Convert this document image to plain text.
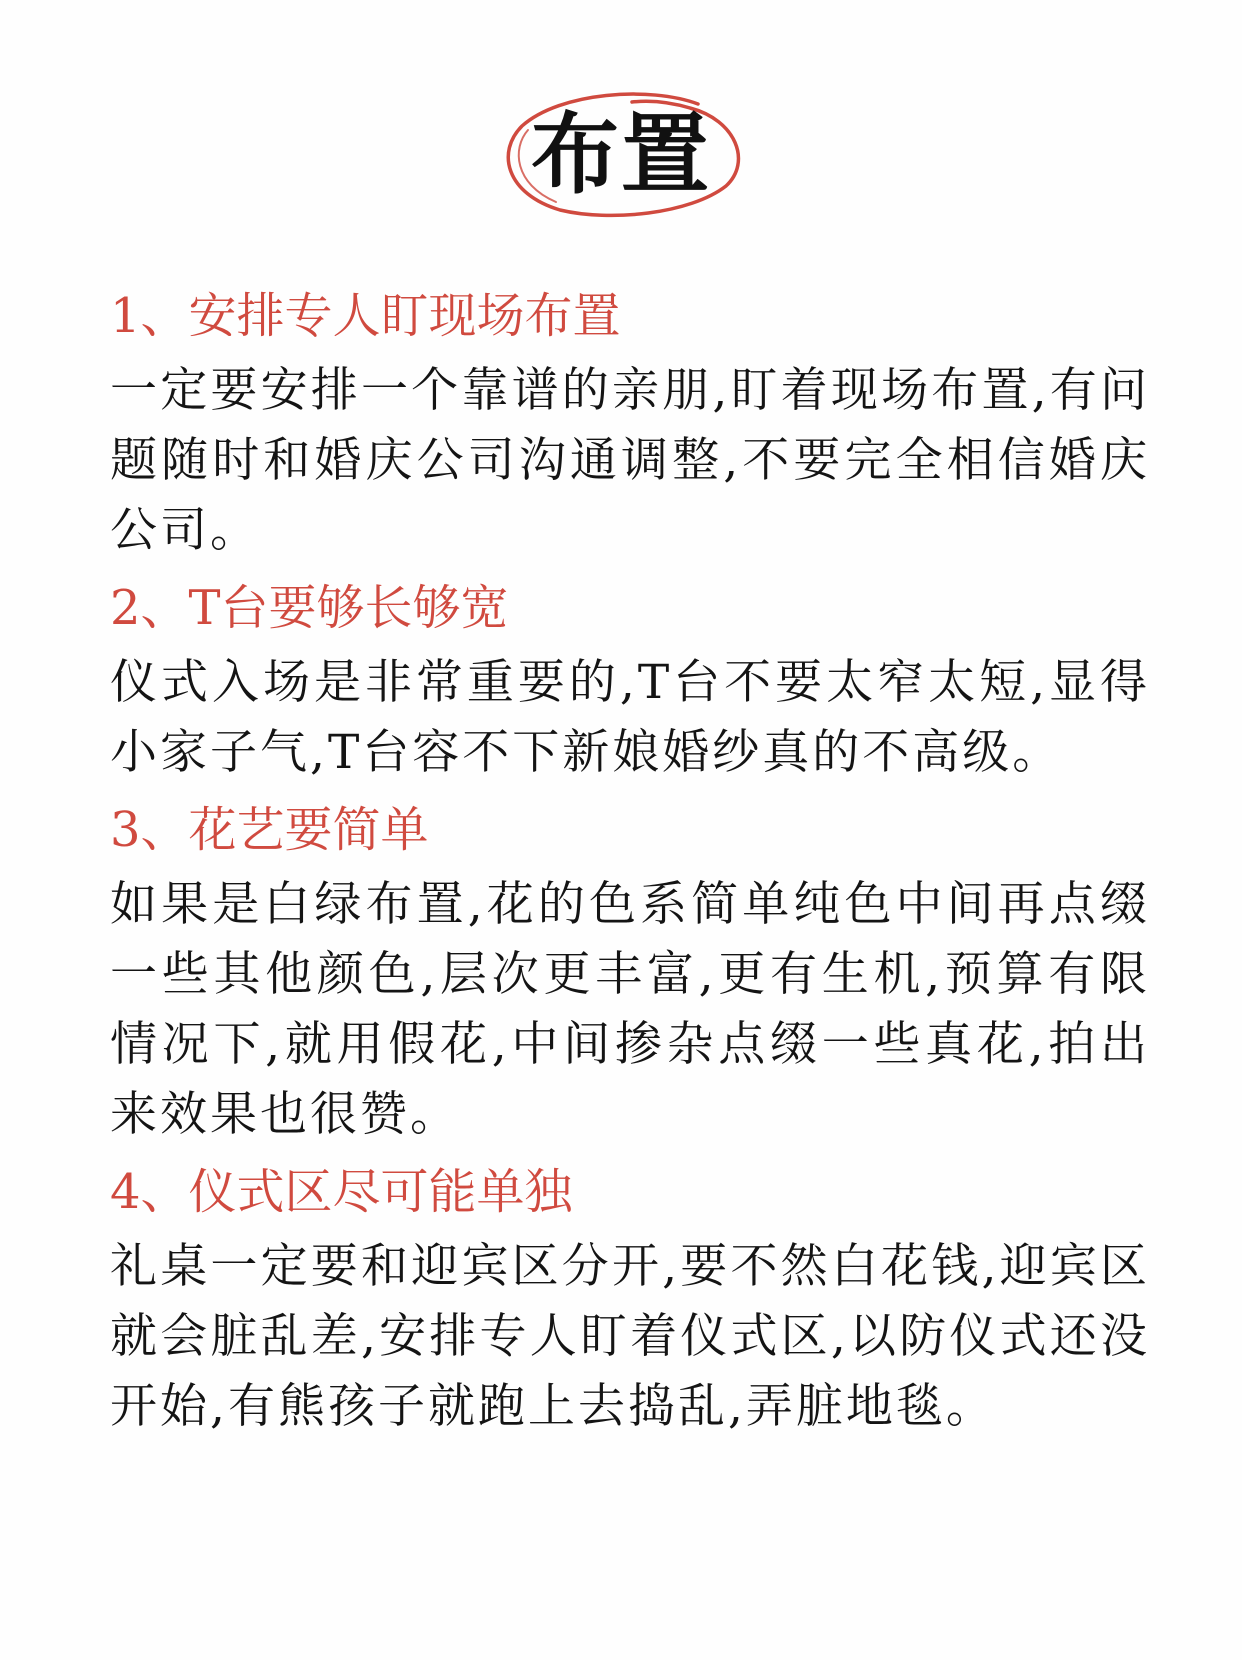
布置
1、安排专人盯现场布置

一定要安排一个靠谱的亲朋,盯着现场布置,有问题随时和婚庆公司沟通调整,不要完全相信婚庆公司。

2、T台要够长够宽

仪式入场是非常重要的,T台不要太窄太短,显得小家子气,T台容不下新娘婚纱真的不高级。

3、花艺要简单

如果是白绿布置,花的色系简单纯色中间再点缀一些其他颜色,层次更丰富,更有生机,预算有限情况下,就用假花,中间掺杂点缀一些真花,拍出来效果也很赞。

4、仪式区尽可能单独

礼桌一定要和迎宾区分开,要不然白花钱,迎宾区就会脏乱差,安排专人盯着仪式区,以防仪式还没开始,有熊孩子就跑上去捣乱,弄脏地毯。
